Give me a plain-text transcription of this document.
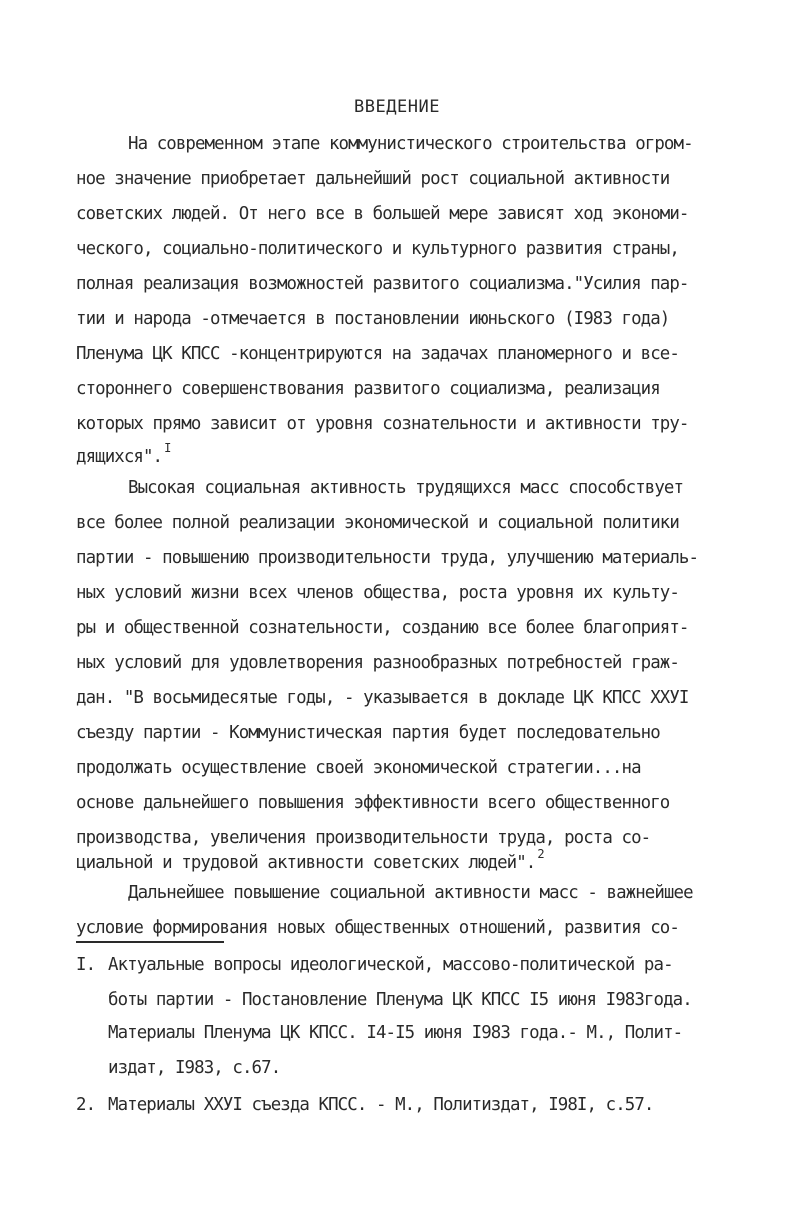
ВВЕДЕНИЕ
На современном этапе коммунистического строительства огром-
ное значение приобретает дальнейший рост социальной активности
советских людей. От него все в большей мере зависят ход экономи-
ческого, социально-политического и культурного развития страны,
полная реализация возможностей развитого социализма."Усилия пар-
тии и народа -отмечается в постановлении июньского (I983 года)
Пленума ЦК КПСС -концентрируются на задачах планомерного и все-
стороннего совершенствования развитого социализма, реализация
которых прямо зависит от уровня сознательности и активности тру-
дящихся". $^I$
Высокая социальная активность трудящихся масс способствует
все более полной реализации экономической и социальной политики
партии - повышению производительности труда, улучшению материаль-
ных условий жизни всех членов общества, роста уровня их культу-
ры и общественной сознательности, созданию все более благоприят-
ных условий для удовлетворения разнообразных потребностей граж-
дан. "В восьмидесятые годы, - указывается в докладе ЦК КПСС XXУI
съезду партии - Коммунистическая партия будет последовательно
продолжать осуществление своей экономической стратегии...на
основе дальнейшего повышения эффективности всего общественного
производства, увеличения производительности труда, роста со-
циальной и трудовой активности советских людей". $^2$
Дальнейшее повышение социальной активности масс - важнейшее
условие формирования новых общественных отношений, развития со-
I. Актуальные вопросы идеологической, массово-политической ра-
боты партии - Постановление Пленума ЦК КПСС I5 июня I983года.
Материалы Пленума ЦК КПСС. I4-I5 июня I983 года.- М., Полит-
издат, I983, с.67.
2. Материалы XXУI съезда КПСС. - М., Политиздат, I98I, с.57.
